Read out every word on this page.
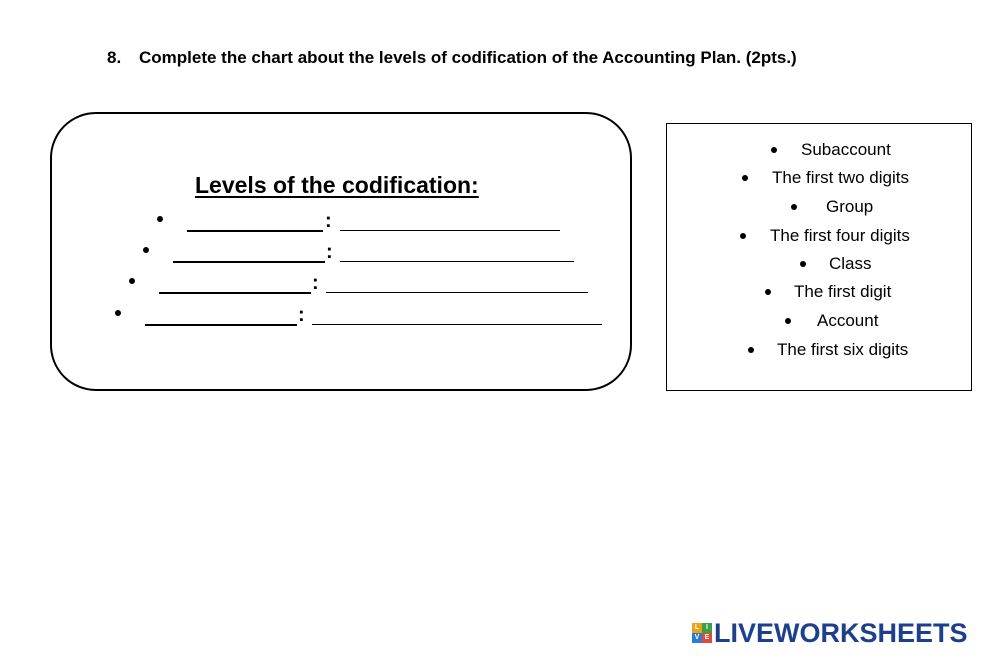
8. Complete the chart about the levels of codification of the Accounting Plan. (2pts.)
Levels of the codification:
:
:
:
:
Subaccount
The first two digits
Group
The first four digits
Class
The first digit
Account
The first six digits
L I
V E LIVEWORKSHEETS
